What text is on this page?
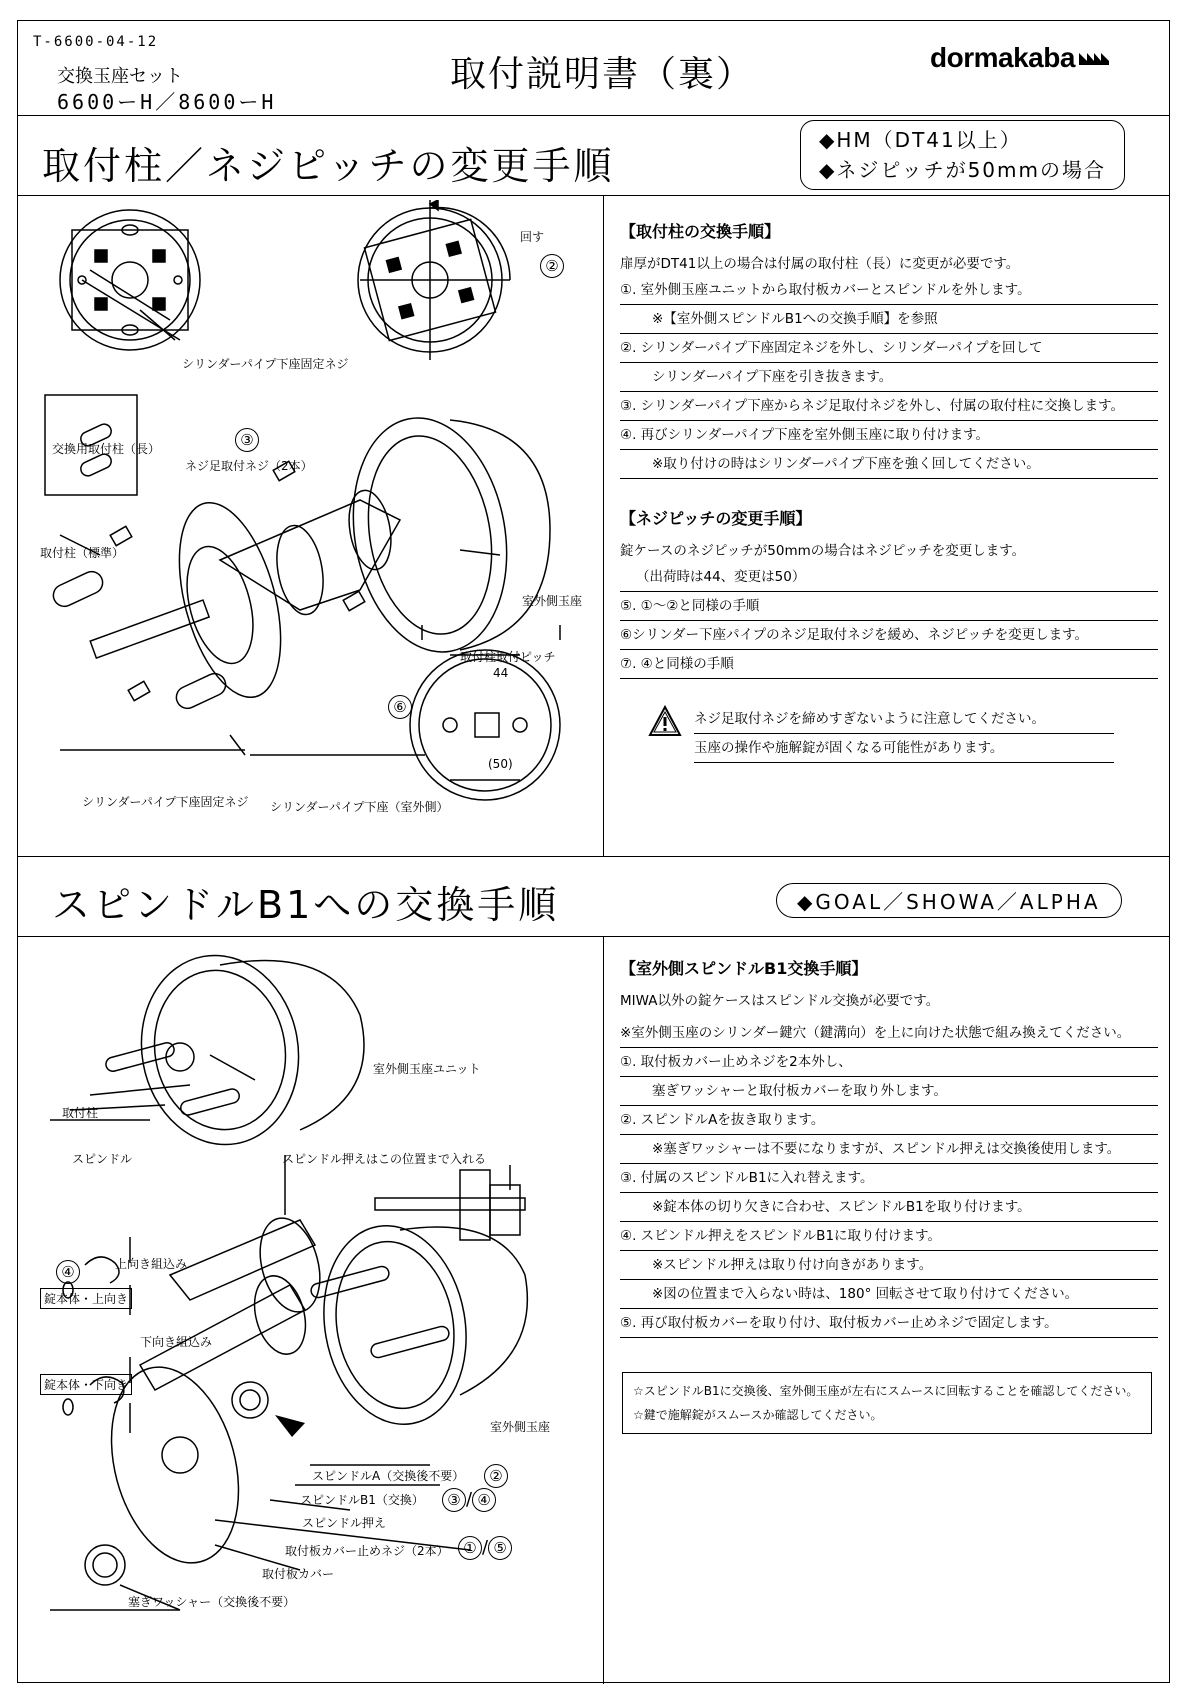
T-6600-04-12
交換玉座セット
6600ーH／8600ーH
取付説明書（裏）	dormakaba
取付柱／ネジピッチの変更手順
◆HM（DT41以上）
◆ネジピッチが50mmの場合
【取付柱の交換手順】
扉厚がDT41以上の場合は付属の取付柱（長）に変更が必要です。
①. 室外側玉座ユニットから取付板カバーとスピンドルを外します。
※【室外側スピンドルB1への交換手順】を参照
②. シリンダーパイプ下座固定ネジを外し、シリンダーパイプを回して
シリンダーパイプ下座を引き抜きます。
③. シリンダーパイプ下座からネジ足取付ネジを外し、付属の取付柱に交換します。
④. 再びシリンダーパイプ下座を室外側玉座に取り付けます。
※取り付けの時はシリンダーパイプ下座を強く回してください。
【ネジピッチの変更手順】
錠ケースのネジピッチが50mmの場合はネジピッチを変更します。
（出荷時は44、変更は50）
⑤. ①〜②と同様の手順
⑥シリンダー下座パイプのネジ足取付ネジを緩め、ネジピッチを変更します。
⑦. ④と同様の手順
ネジ足取付ネジを締めすぎないように注意してください。
玉座の操作や施解錠が固くなる可能性があります。
回す
②
シリンダーパイプ下座固定ネジ
交換用取付柱（長）	③
ネジ足取付ネジ（2本）
取付柱（標準）
室外側玉座
取付柱取付ピッチ
44
(50)
⑥
シリンダーパイプ下座固定ネジ シリンダーパイプ下座（室外側）
スピンドルB1への交換手順	◆GOAL／SHOWA／ALPHA
【室外側スピンドルB1交換手順】
MIWA以外の錠ケースはスピンドル交換が必要です。
※室外側玉座のシリンダー鍵穴（鍵溝向）を上に向けた状態で組み換えてください。
①. 取付板カバー止めネジを2本外し、
塞ぎワッシャーと取付板カバーを取り外します。
②. スピンドルAを抜き取ります。
※塞ぎワッシャーは不要になりますが、スピンドル押えは交換後使用します。
③. 付属のスピンドルB1に入れ替えます。
※錠本体の切り欠きに合わせ、スピンドルB1を取り付けます。
④. スピンドル押えをスピンドルB1に取り付けます。
※スピンドル押えは取り付け向きがあります。
※図の位置まで入らない時は、180° 回転させて取り付けてください。
⑤. 再び取付板カバーを取り付け、取付板カバー止めネジで固定します。
☆スピンドルB1に交換後、室外側玉座が左右にスムースに回転することを確認してください。
☆鍵で施解錠がスムースか確認してください。
室外側玉座ユニット
取付柱
スピンドル	スピンドル押えはこの位置まで入れる
④	上向き組込み
錠本体・上向き
下向き組込み
錠本体・下向き
室外側玉座
スピンドルA（交換後不要）	②
スピンドルB1（交換）	③ / ④
スピンドル押え
取付板カバー止めネジ（2本） ① / ⑤
取付板カバー
塞ぎワッシャー（交換後不要）
